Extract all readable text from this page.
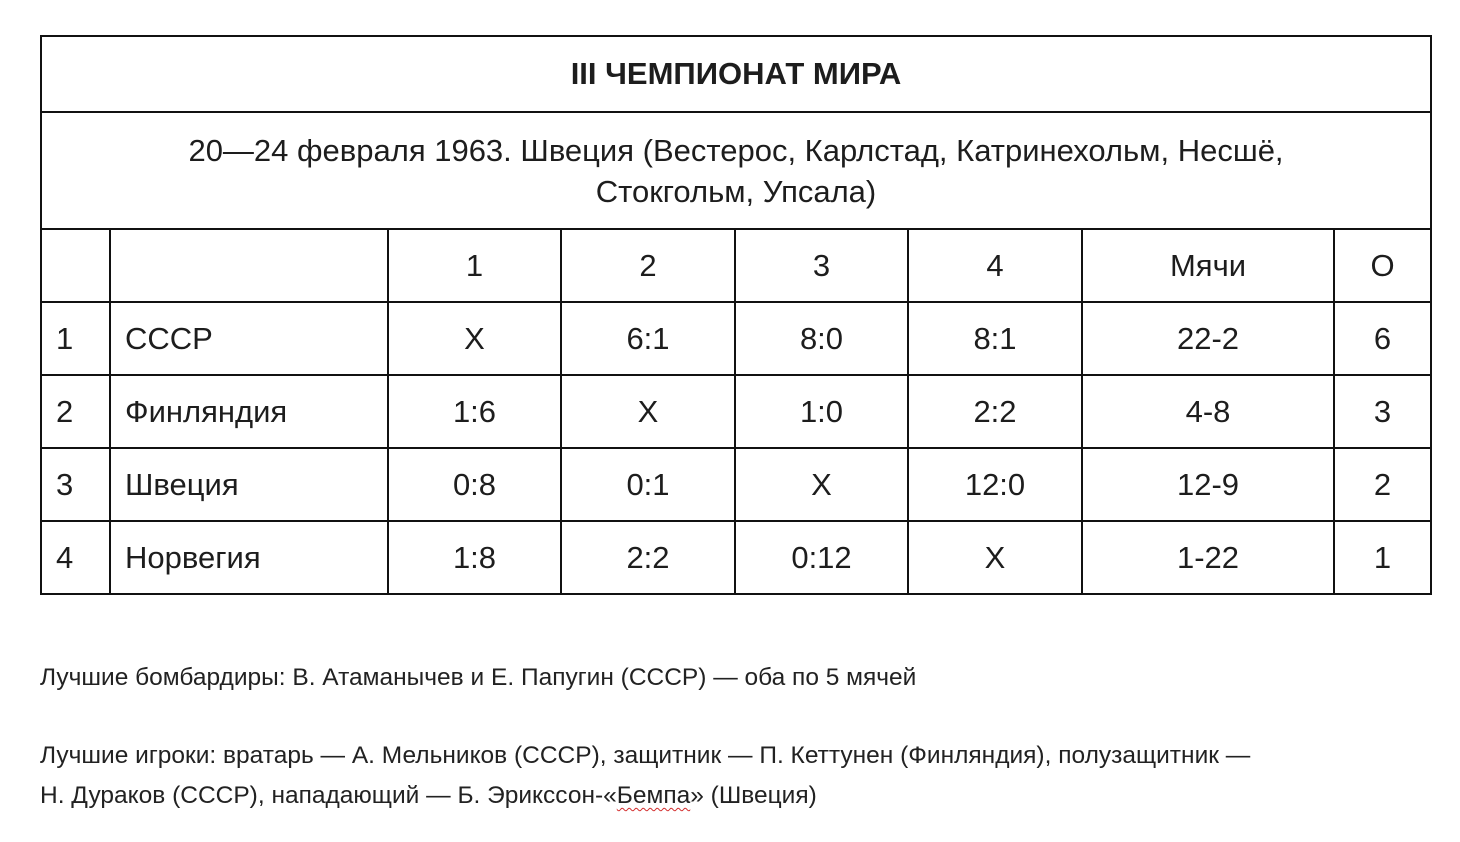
III ЧЕМПИОНАТ МИРА							
20—24 февраля 1963. Швеция (Вестерос, Карлстад, Катринехольм, Несшё,
Стокгольм, Упсала)							
		1	2	3	4	Мячи	О
1	СССР	X	6:1	8:0	8:1	22-2	6
2	Финляндия	1:6	X	1:0	2:2	4-8	3
3	Швеция	0:8	0:1	X	12:0	12-9	2
4	Норвегия	1:8	2:2	0:12	X	1-22	1
Лучшие бомбардиры: В. Атаманычев и Е. Папугин (СССР) — оба по 5 мячей
Лучшие игроки: вратарь — А. Мельников (СССР), защитник — П. Кеттунен (Финляндия), полузащитник —
Н. Дураков (СССР), нападающий — Б. Эрикссон-«Бемпа» (Швеция)
